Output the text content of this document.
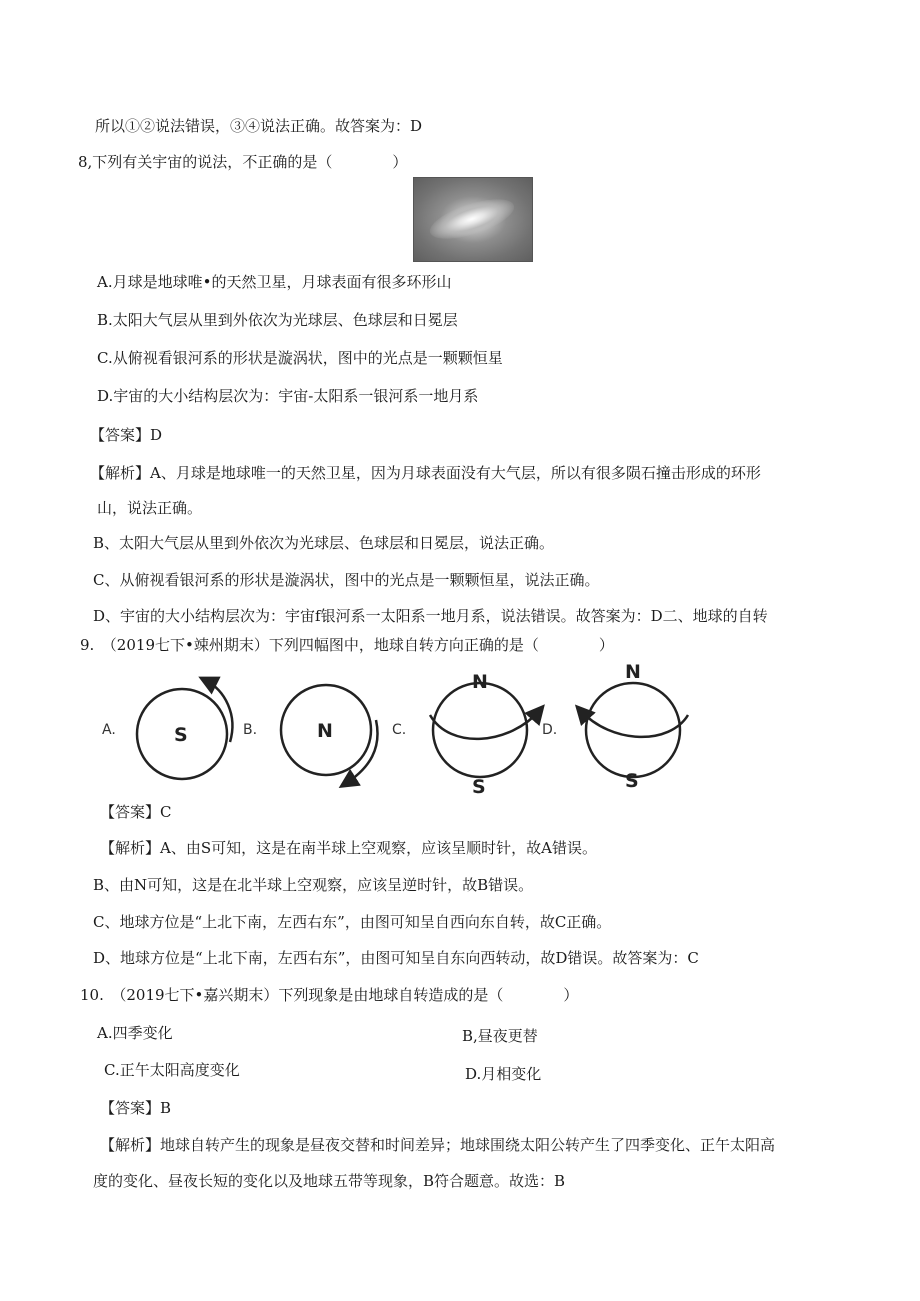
所以①②说法错误，③④说法正确。故答案为：D
8,下列有关宇宙的说法，不正确的是（　　　　）
A.月球是地球唯•的天然卫星，月球表面有很多环形山
B.太阳大气层从里到外依次为光球层、色球层和日冕层
C.从俯视看银河系的形状是漩涡状，图中的光点是一颗颗恒星
D.宇宙的大小结构层次为：宇宙-太阳系一银河系一地月系
【答案】D
【解析】A、月球是地球唯一的天然卫星，因为月球表面没有大气层，所以有很多陨石撞击形成的环形
山，说法正确。
B、太阳大气层从里到外依次为光球层、色球层和日冕层，说法正确。
C、从俯视看银河系的形状是漩涡状，图中的光点是一颗颗恒星，说法正确。
D、宇宙的大小结构层次为：宇宙f银河系一太阳系一地月系，说法错误。故答案为：D二、地球的自转
9.　（2019七下•竦州期末）下列四幅图中，地球自转方向正确的是（　　　　）
A.	S	B.	N	C.
N
S
D.
N
S
【答案】C
【解析】A、由S可知，这是在南半球上空观察，应该呈顺时针，故A错误。
B、由N可知，这是在北半球上空观察，应该呈逆时针，故B错误。
C、地球方位是“上北下南，左西右东”，由图可知呈自西向东自转，故C正确。
D、地球方位是“上北下南，左西右东”，由图可知呈自东向西转动，故D错误。故答案为：C
10.　（2019七下•嘉兴期末）下列现象是由地球自转造成的是（　　　　）
A.四季变化	B,昼夜更替
C.正午太阳高度变化	D.月相变化
【答案】B
【解析】地球自转产生的现象是昼夜交替和时间差异；地球围绕太阳公转产生了四季变化、正午太阳高
度的变化、昼夜长短的变化以及地球五带等现象，B符合题意。故选：B
